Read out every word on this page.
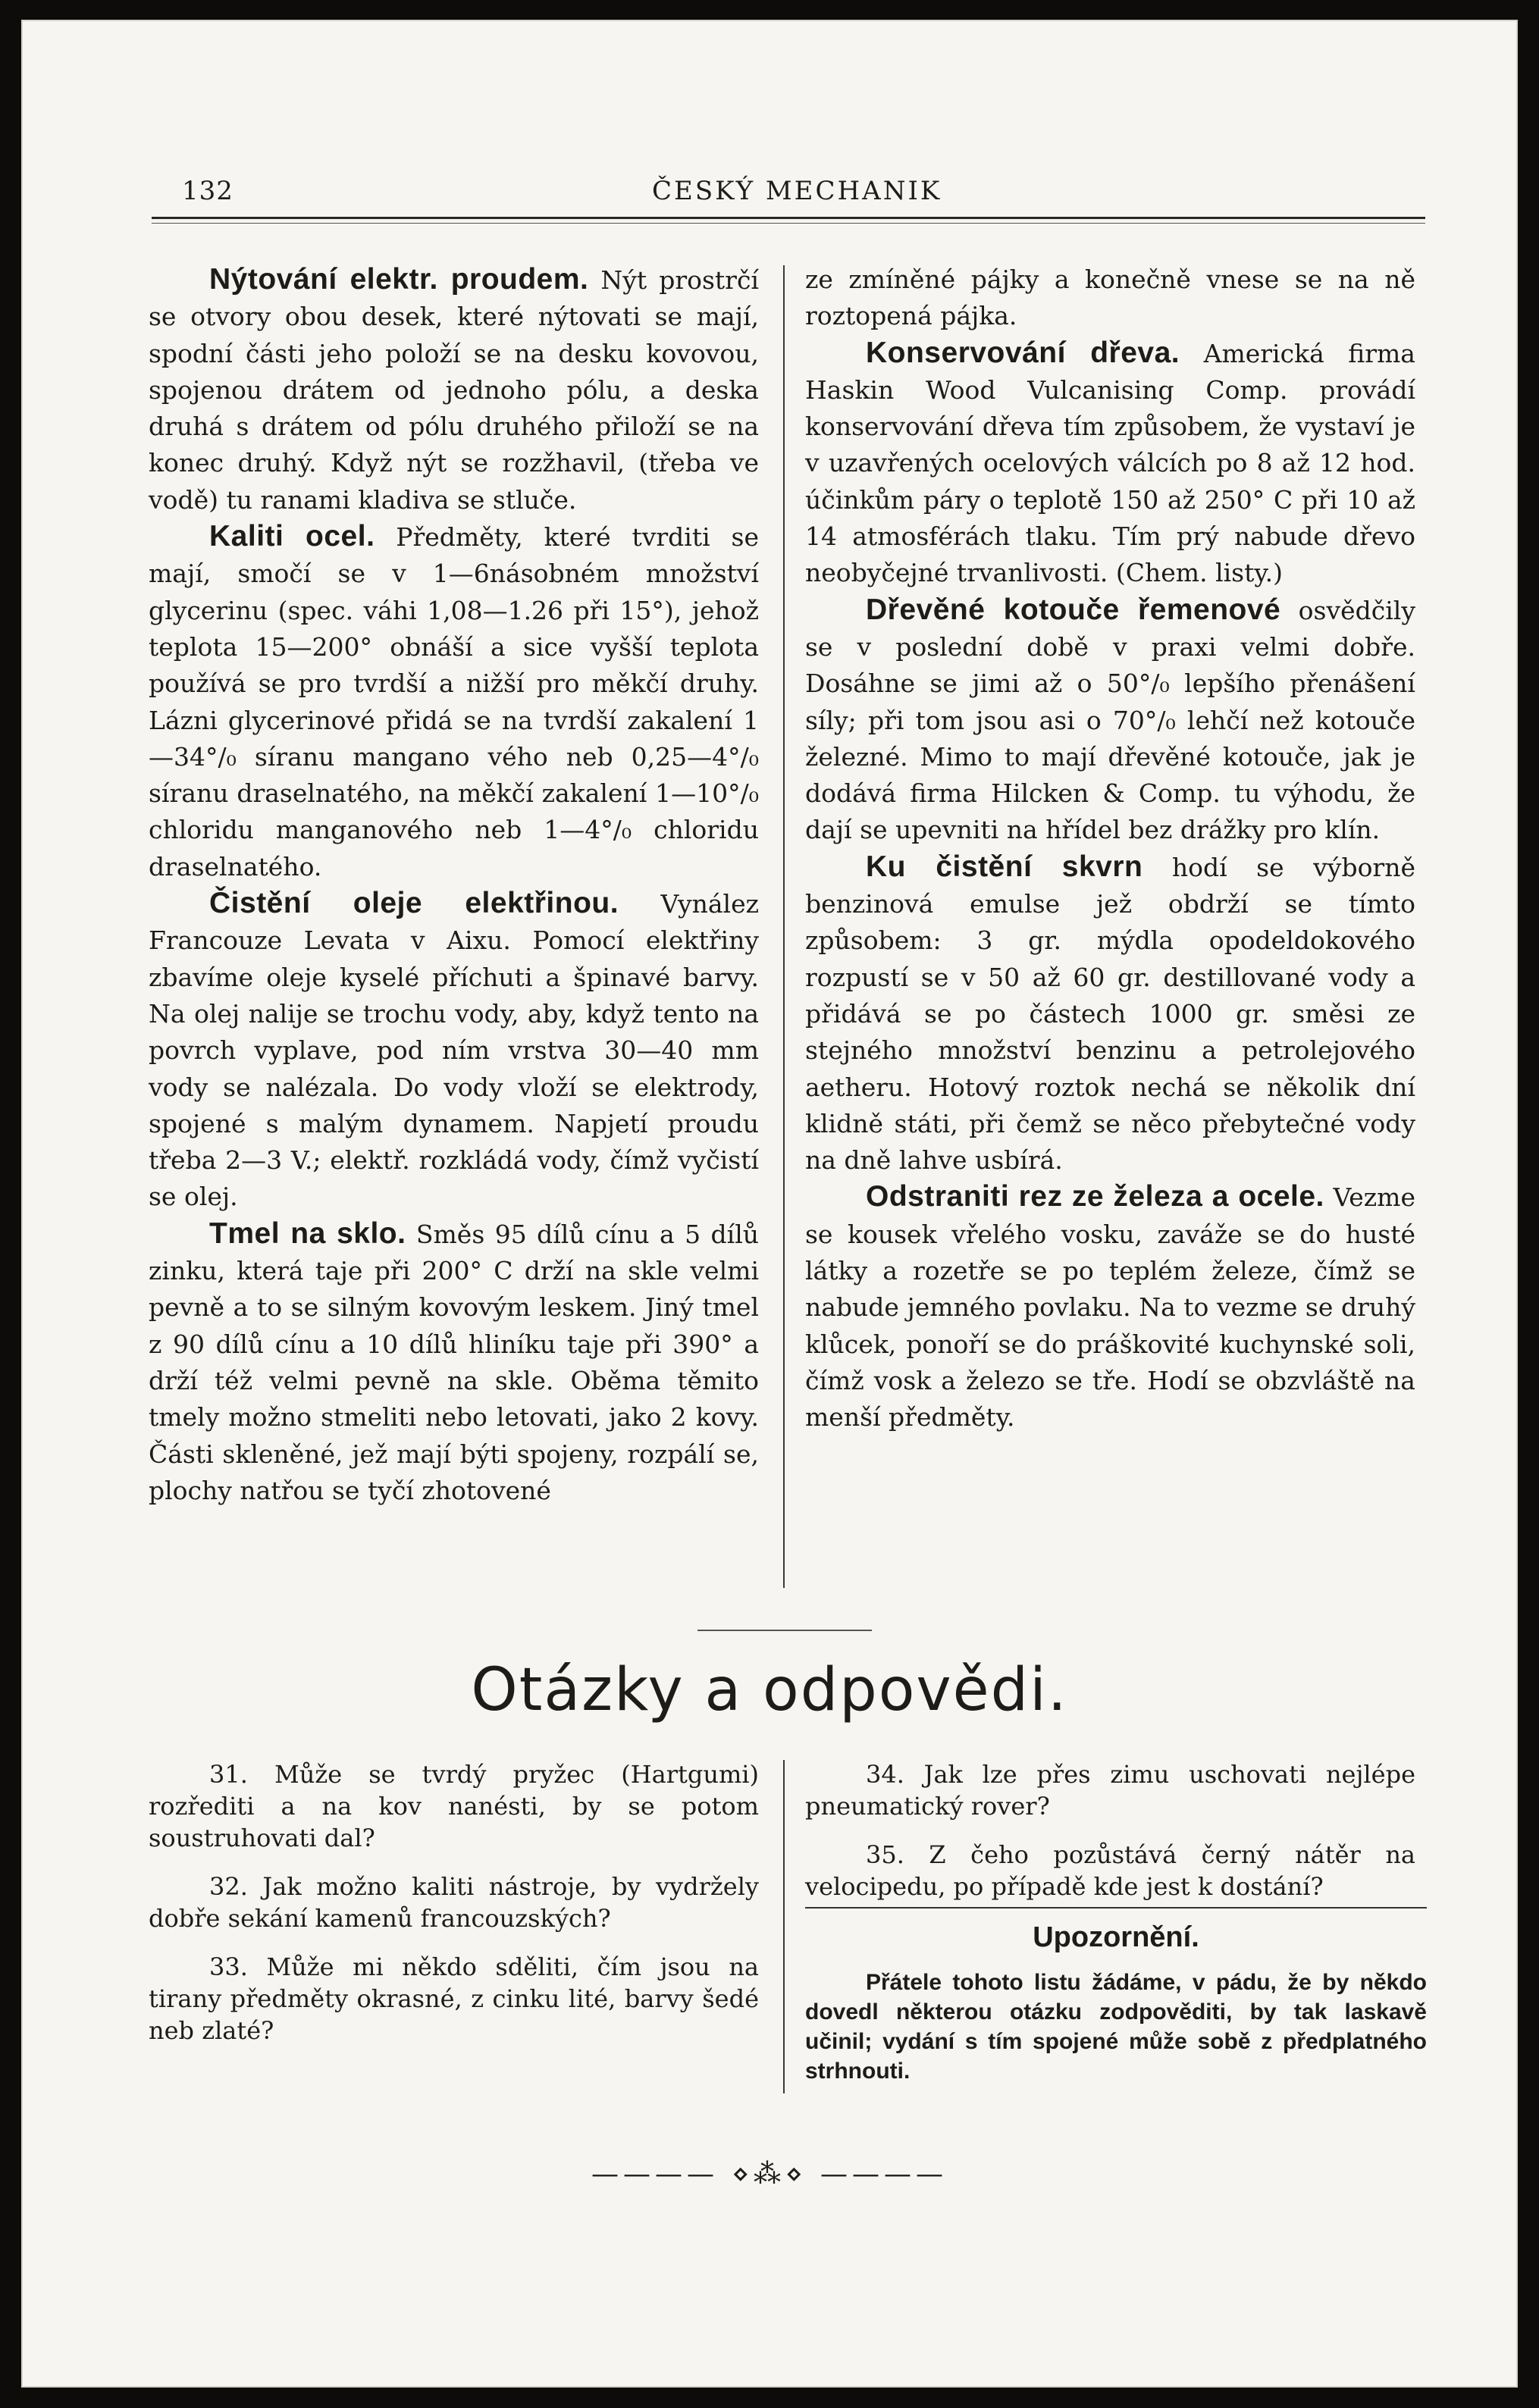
132	ČESKÝ MECHANIK

Nýtování elektr. proudem. Nýt prostrčí se otvory obou desek, které nýtovati se mají, spodní části jeho položí se na desku kovovou, spojenou drátem od jednoho pólu, a deska druhá s drátem od pólu druhého přiloží se na konec druhý. Když nýt se rozžhavil, (třeba ve vodě) tu ranami kladiva se stluče.

Kaliti ocel. Předměty, které tvrditi se mají, smočí se v 1—6násobném množství glycerinu (spec. váhi 1,08—1.26 při 15°), jehož teplota 15—200° obnáší a sice vyšší teplota používá se pro tvrdší a nižší pro měkčí druhy. Lázni glycerinové přidá se na tvrdší zakalení 1—34°/₀ síranu mangano vého neb 0,25—4°/₀ síranu draselnatého, na měkčí zakalení 1—10°/₀ chloridu manganového neb 1—4°/₀ chloridu draselnatého.

Čistění oleje elektřinou. Vynález Francouze Levata v Aixu. Pomocí elektřiny zbavíme oleje kyselé příchuti a špinavé barvy. Na olej nalije se trochu vody, aby, když tento na povrch vyplave, pod ním vrstva 30—40 mm vody se nalézala. Do vody vloží se elektrody, spojené s malým dynamem. Napjetí proudu třeba 2—3 V.; elektř. rozkládá vody, čímž vyčistí se olej.

Tmel na sklo. Směs 95 dílů cínu a 5 dílů zinku, která taje při 200° C drží na skle velmi pevně a to se silným kovovým leskem. Jiný tmel z 90 dílů cínu a 10 dílů hliníku taje při 390° a drží též velmi pevně na skle. Oběma těmito tmely možno stmeliti nebo letovati, jako 2 kovy. Části skleněné, jež mají býti spojeny, rozpálí se, plochy natřou se tyčí zhotovené

ze zmíněné pájky a konečně vnese se na ně roztopená pájka.

Konservování dřeva. Americká firma Haskin Wood Vulcanising Comp. provádí konservování dřeva tím způsobem, že vystaví je v uzavřených ocelových válcích po 8 až 12 hod. účinkům páry o teplotě 150 až 250° C při 10 až 14 atmosférách tlaku. Tím prý nabude dřevo neobyčejné trvanlivosti. (Chem. listy.)

Dřevěné kotouče řemenové osvědčily se v poslední době v praxi velmi dobře. Dosáhne se jimi až o 50°/₀ lepšího přenášení síly; při tom jsou asi o 70°/₀ lehčí než kotouče železné. Mimo to mají dřevěné kotouče, jak je dodává firma Hilcken & Comp. tu výhodu, že dají se upevniti na hřídel bez drážky pro klín.

Ku čistění skvrn hodí se výborně benzinová emulse jež obdrží se tímto způsobem: 3 gr. mýdla opodeldokového rozpustí se v 50 až 60 gr. destillované vody a přidává se po částech 1000 gr. směsi ze stejného množství benzinu a petrolejového aetheru. Hotový roztok nechá se několik dní klidně státi, při čemž se něco přebytečné vody na dně lahve usbírá.

Odstraniti rez ze železa a ocele. Vezme se kousek vřelého vosku, zaváže se do husté látky a rozetře se po teplém železe, čímž se nabude jemného povlaku. Na to vezme se druhý klůcek, ponoří se do práškovité kuchynské soli, čímž vosk a železo se tře. Hodí se obzvláště na menší předměty.

Otázky a odpovědi.

31. Může se tvrdý pryžec (Hartgumi) rozřediti a na kov nanésti, by se potom soustruhovati dal?

32. Jak možno kaliti nástroje, by vydržely dobře sekání kamenů francouzských?

33. Může mi někdo sděliti, čím jsou na tirany předměty okrasné, z cinku lité, barvy šedé neb zlaté?

34. Jak lze přes zimu uschovati nejlépe pneumatický rover?

35. Z čeho pozůstává černý nátěr na velocipedu, po případě kde jest k dostání?

Upozornění.
Přátele tohoto listu žádáme, v pádu, že by někdo dovedl některou otázku zodpověditi, by tak laskavě učinil; vydání s tím spojené může sobě z předplatného strhnouti.
———— ⋄⁂⋄ ————
